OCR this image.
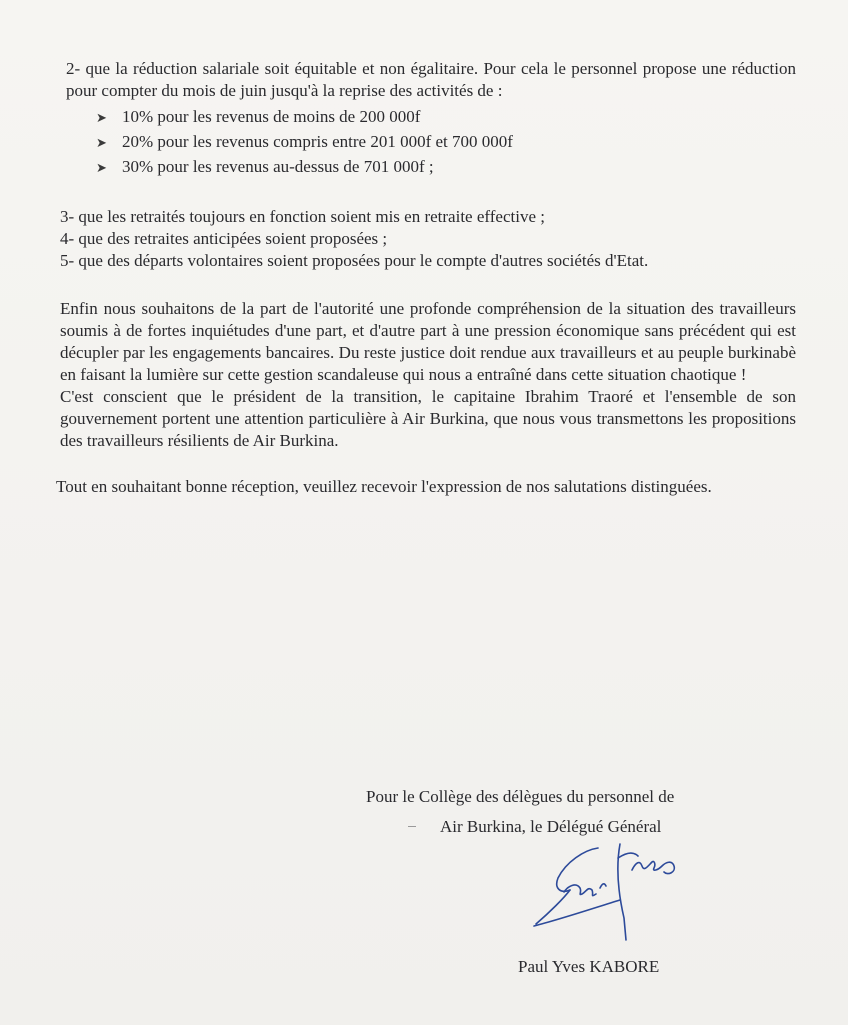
2- que la réduction salariale soit équitable et non égalitaire. Pour cela le personnel propose une réduction pour compter du mois de juin jusqu'à la reprise des activités de :

➤ 10% pour les revenus de moins de 200 000f
➤ 20% pour les revenus compris entre 201 000f et 700 000f
➤ 30% pour les revenus au-dessus de 701 000f ;

3- que les retraités toujours en fonction soient mis en retraite effective ;

4- que des retraites anticipées soient proposées ;

5- que des départs volontaires soient proposées pour le compte d'autres sociétés d'Etat.

Enfin nous souhaitons de la part de l'autorité une profonde compréhension de la situation des travailleurs soumis à de fortes inquiétudes d'une part, et d'autre part à une pression économique sans précédent qui est décupler par les engagements bancaires. Du reste justice doit rendue aux travailleurs et au peuple burkinabè en faisant la lumière sur cette gestion scandaleuse qui nous a entraîné dans cette situation chaotique !

C'est conscient que le président de la transition, le capitaine Ibrahim Traoré et l'ensemble de son gouvernement portent une attention particulière à Air Burkina, que nous vous transmettons les propositions des travailleurs résilients de Air Burkina.

Tout en souhaitant bonne réception, veuillez recevoir l'expression de nos salutations distinguées.

Pour le Collège des délègues du personnel de
Air Burkina, le Délégué Général
Paul Yves KABORE
